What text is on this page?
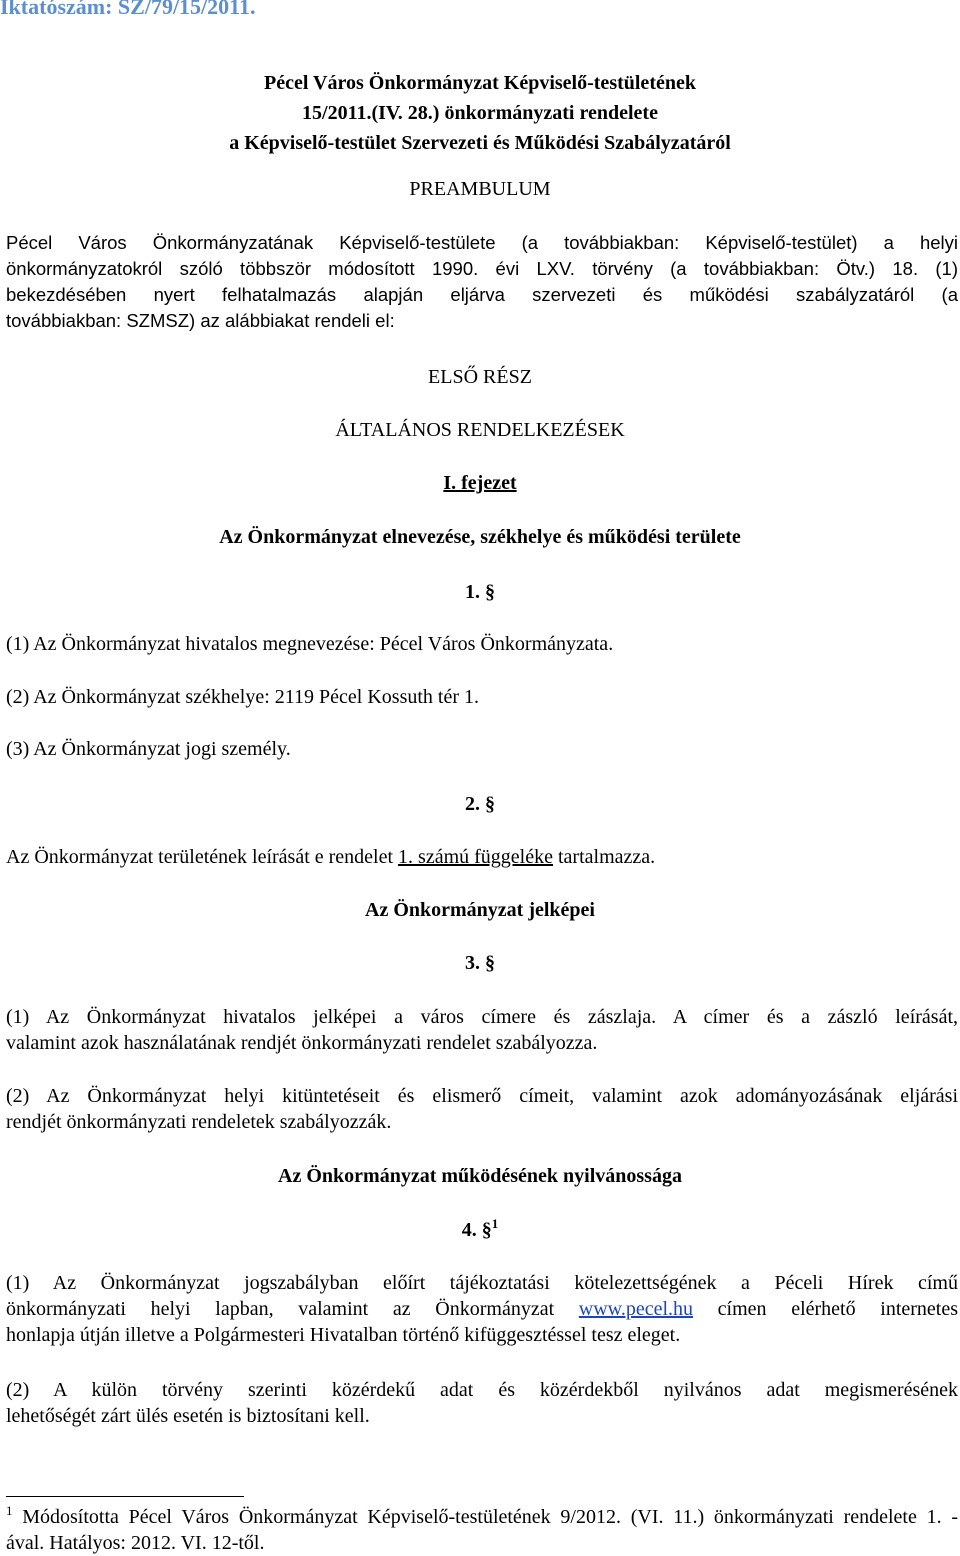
Iktatószám: SZ/79/15/2011.
Pécel Város Önkormányzat Képviselő-testületének
15/2011.(IV. 28.) önkormányzati rendelete
a Képviselő-testület Szervezeti és Működési Szabályzatáról
PREAMBULUM
Pécel Város Önkormányzatának Képviselő-testülete (a továbbiakban: Képviselő-testület) a helyi
önkormányzatokról szóló többször módosított 1990. évi LXV. törvény (a továbbiakban: Ötv.) 18. (1)
bekezdésében nyert felhatalmazás alapján eljárva szervezeti és működési szabályzatáról (a
továbbiakban: SZMSZ) az alábbiakat rendeli el:
ELSŐ RÉSZ
ÁLTALÁNOS RENDELKEZÉSEK
I. fejezet
Az Önkormányzat elnevezése, székhelye és működési területe
1. §
(1) Az Önkormányzat hivatalos megnevezése: Pécel Város Önkormányzata.
(2) Az Önkormányzat székhelye: 2119 Pécel Kossuth tér 1.
(3) Az Önkormányzat jogi személy.
2. §
Az Önkormányzat területének leírását e rendelet 1. számú függeléke tartalmazza.
Az Önkormányzat jelképei
3. §
(1) Az Önkormányzat hivatalos jelképei a város címere és zászlaja. A címer és a zászló leírását,
valamint azok használatának rendjét önkormányzati rendelet szabályozza.
(2) Az Önkormányzat helyi kitüntetéseit és elismerő címeit, valamint azok adományozásának eljárási
rendjét önkormányzati rendeletek szabályozzák.
Az Önkormányzat működésének nyilvánossága
4. §$^1$
(1) Az Önkormányzat jogszabályban előírt tájékoztatási kötelezettségének a Péceli Hírek című
önkormányzati helyi lapban, valamint az Önkormányzat www.pecel.hu címen elérhető internetes
honlapja útján illetve a Polgármesteri Hivatalban történő kifüggesztéssel tesz eleget.
(2) A külön törvény szerinti közérdekű adat és közérdekből nyilvános adat megismerésének
lehetőségét zárt ülés esetén is biztosítani kell.
$^1$ Módosította Pécel Város Önkormányzat Képviselő-testületének 9/2012. (VI. 11.) önkormányzati rendelete 1. -
ával. Hatályos: 2012. VI. 12-től.
